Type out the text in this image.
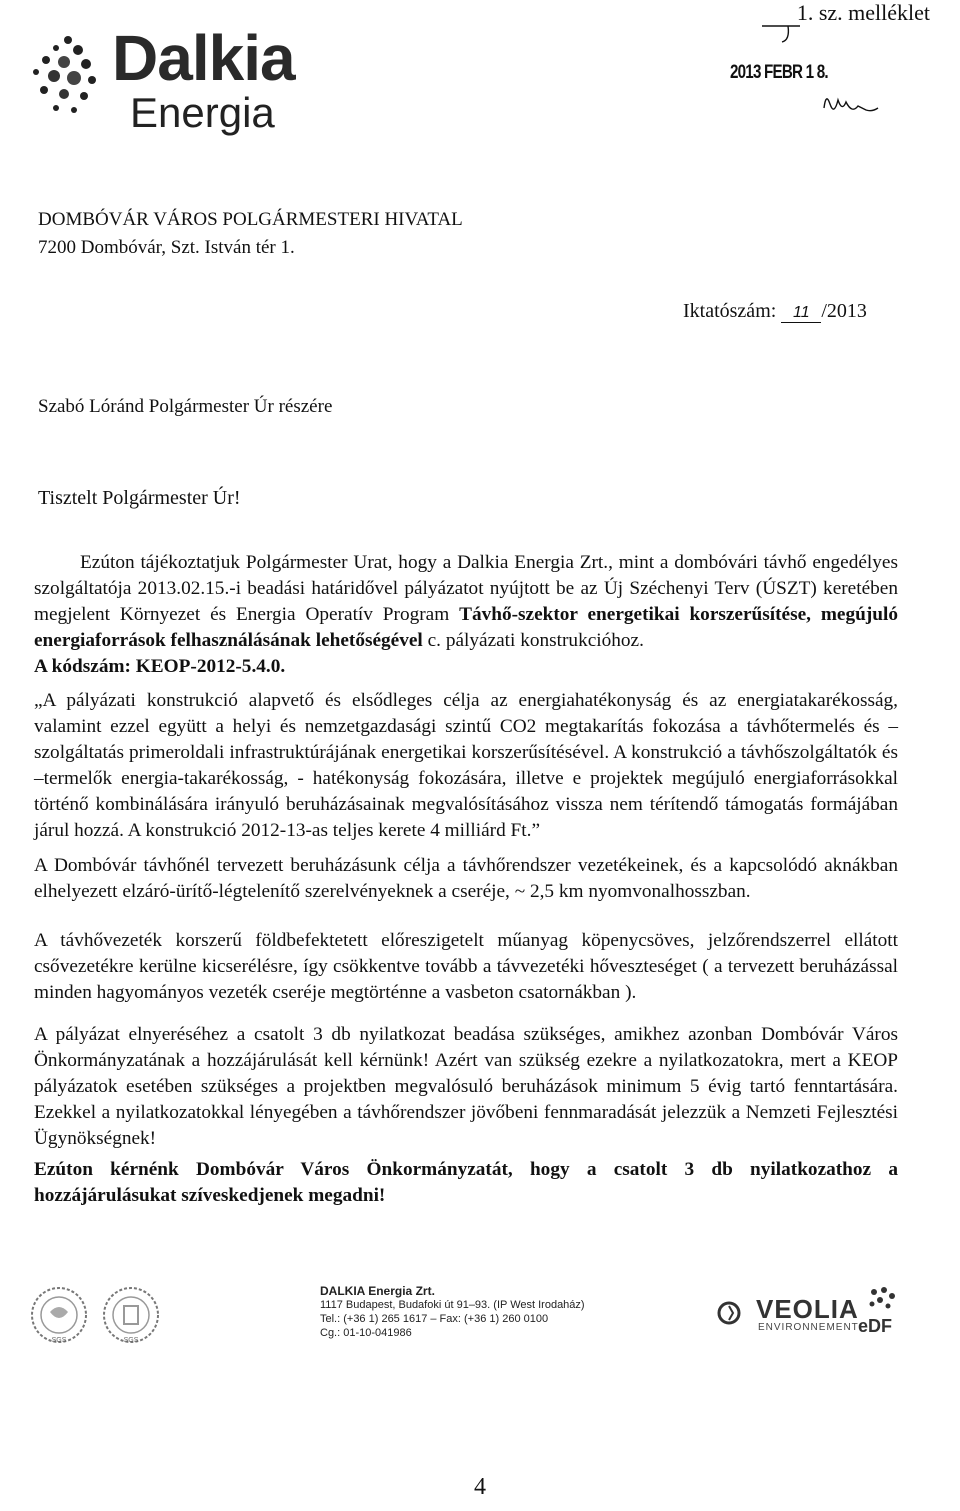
Dalkia
Energia
1. sz. melléklet
2013 FEBR 1 8.
DOMBÓVÁR VÁROS POLGÁRMESTERI HIVATAL
7200 Dombóvár, Szt. István tér 1.
Iktatószám: 11 /2013
Szabó Lóránd Polgármester Úr részére
Tisztelt Polgármester Úr!

Ezúton tájékoztatjuk Polgármester Urat, hogy a Dalkia Energia Zrt., mint a dombóvári távhő engedélyes szolgáltatója 2013.02.15.-i beadási határidővel pályázatot nyújtott be az Új Széchenyi Terv (ÚSZT) keretében megjelent Környezet és Energia Operatív Program Távhő-szektor energetikai korszerűsítése, megújuló energiaforrások felhasználásának lehetőségével c. pályázati konstrukcióhoz.

A kódszám: KEOP-2012-5.4.0.

„A pályázati konstrukció alapvető és elsődleges célja az energiahatékonyság és az energiatakarékosság, valamint ezzel együtt a helyi és nemzetgazdasági szintű CO2 megtakarítás fokozása a távhőtermelés és – szolgáltatás primeroldali infrastruktúrájának energetikai korszerűsítésével. A konstrukció a távhőszolgáltatók és –termelők energia-takarékosság, - hatékonyság fokozására, illetve e projektek megújuló energiaforrásokkal történő kombinálására irányuló beruházásainak megvalósításához vissza nem térítendő támogatás formájában járul hozzá. A konstrukció 2012-13-as teljes kerete 4 milliárd Ft.”

A Dombóvár távhőnél tervezett beruházásunk célja a távhőrendszer vezetékeinek, és a kapcsolódó aknákban elhelyezett elzáró-ürítő-légtelenítő szerelvényeknek a cseréje, ~ 2,5 km nyomvonalhosszban.

A távhővezeték korszerű földbefektetett előreszigetelt műanyag köpenycsöves, jelzőrendszerrel ellátott csővezetékre kerülne kicserélésre, így csökkentve tovább a távvezetéki hőveszteséget ( a tervezett beruházással minden hagyományos vezeték cseréje megtörténne a vasbeton csatornákban ).

A pályázat elnyeréséhez a csatolt 3 db nyilatkozat beadása szükséges, amikhez azonban Dombóvár Város Önkormányzatának a hozzájárulását kell kérnünk! Azért van szükség ezekre a nyilatkozatokra, mert a KEOP pályázatok esetében szükséges a projektben megvalósuló beruházások minimum 5 évig tartó fenntartására. Ezekkel a nyilatkozatokkal lényegében a távhőrendszer jövőbeni fennmaradását jelezzük a Nemzeti Fejlesztési Ügynökségnek!

Ezúton kérnénk Dombóvár Város Önkormányzatát, hogy a csatolt 3 db nyilatkozathoz a hozzájárulásukat szíveskedjenek megadni!

SGS	SGS
DALKIA Energia Zrt.
1117 Budapest, Budafoki út 91–93. (IP West Irodaház)
Tel.: (+36 1) 265 1617 – Fax: (+36 1) 260 0100
Cg.: 01-10-041986
VEOLIA
ENVIRONNEMENT eDF
4
